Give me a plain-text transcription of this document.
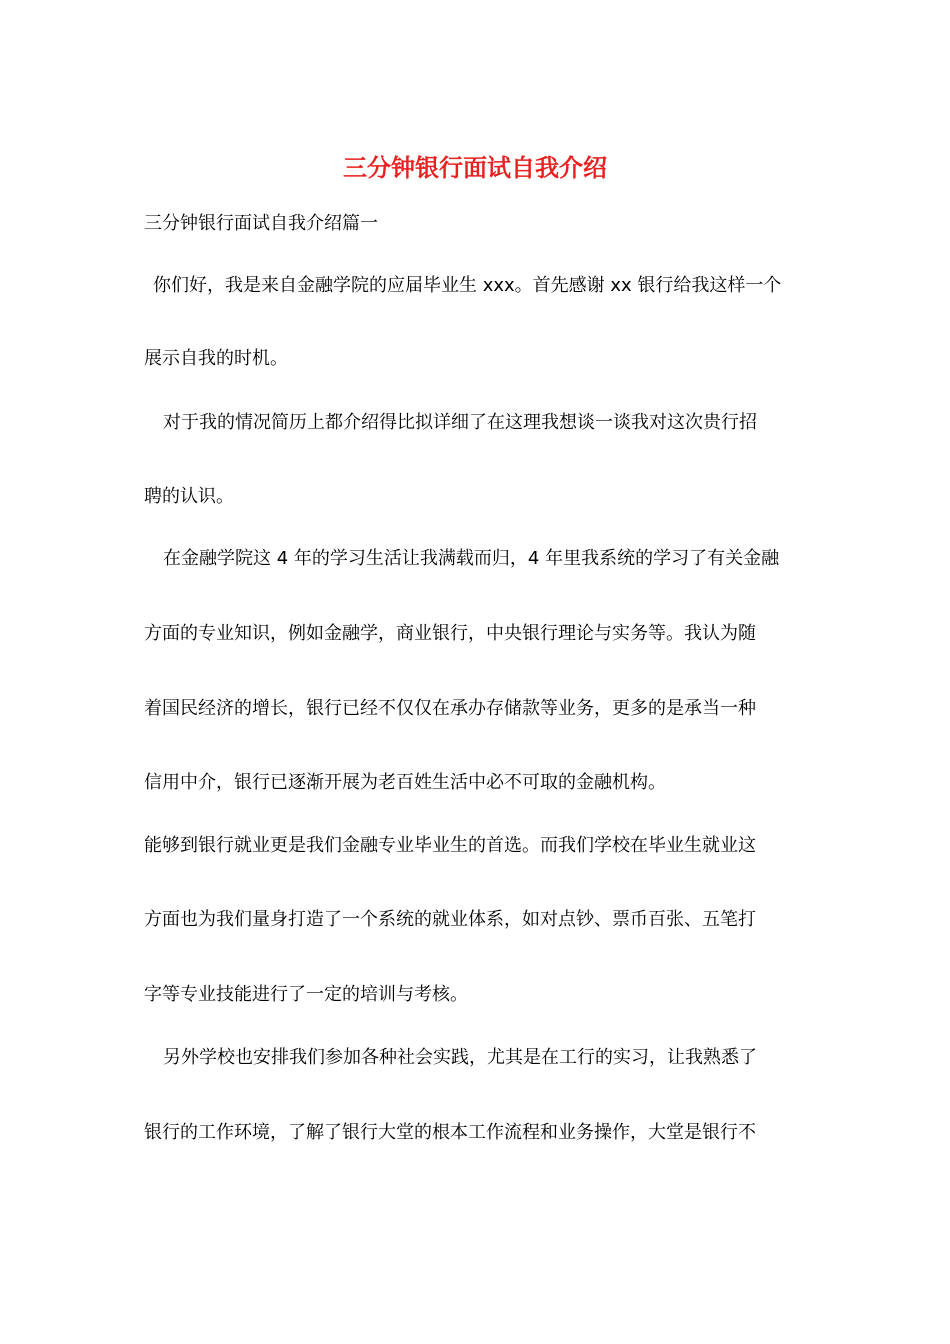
三分钟银行面试自我介绍
三分钟银行面试自我介绍篇一
你们好，我是来自金融学院的应届毕业生 xxx。首先感谢 xx 银行给我这样一个
展示自我的时机。
对于我的情况简历上都介绍得比拟详细了在这理我想谈一谈我对这次贵行招
聘的认识。
在金融学院这 4 年的学习生活让我满载而归，4 年里我系统的学习了有关金融
方面的专业知识，例如金融学，商业银行，中央银行理论与实务等。我认为随
着国民经济的增长，银行已经不仅仅在承办存储款等业务，更多的是承当一种
信用中介，银行已逐渐开展为老百姓生活中必不可取的金融机构。
能够到银行就业更是我们金融专业毕业生的首选。而我们学校在毕业生就业这
方面也为我们量身打造了一个系统的就业体系，如对点钞、票币百张、五笔打
字等专业技能进行了一定的培训与考核。
另外学校也安排我们参加各种社会实践，尤其是在工行的实习，让我熟悉了
银行的工作环境，了解了银行大堂的根本工作流程和业务操作，大堂是银行不
